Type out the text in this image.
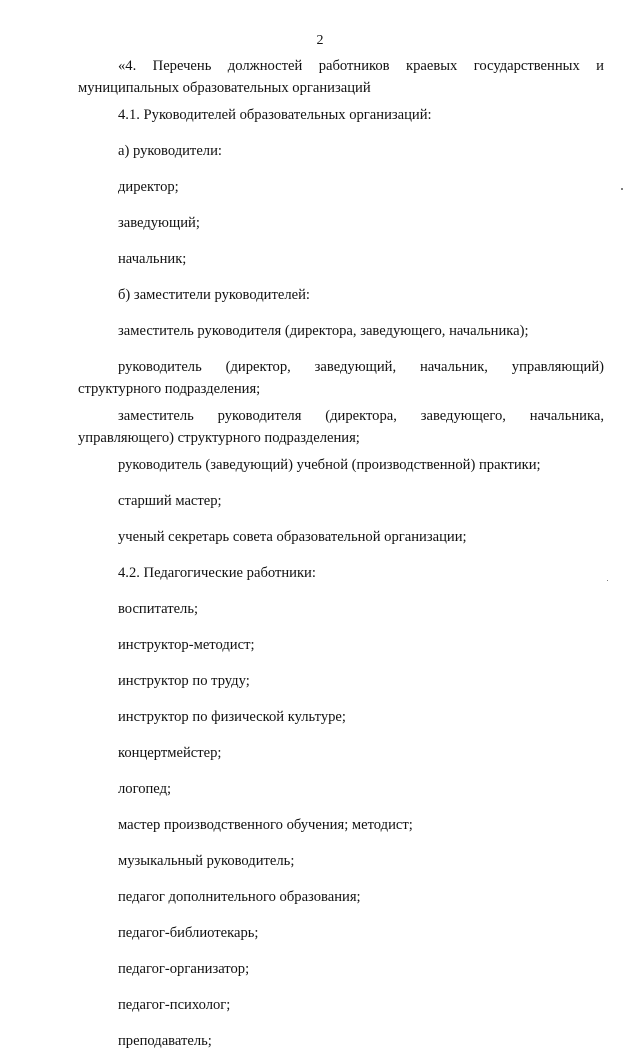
2

«4. Перечень должностей работников краевых государственных и муниципальных образовательных организаций

4.1. Руководителей образовательных организаций:

а) руководители:

директор;

заведующий;

начальник;

б) заместители руководителей:

заместитель руководителя (директора, заведующего, начальника);

руководитель (директор, заведующий, начальник, управляющий) структурного подразделения;

заместитель руководителя (директора, заведующего, начальника, управляющего) структурного подразделения;

руководитель (заведующий) учебной (производственной) практики;

старший мастер;

ученый секретарь совета образовательной организации;

4.2. Педагогические работники:

воспитатель;

инструктор-методист;

инструктор по труду;

инструктор по физической культуре;

концертмейстер;

логопед;

мастер производственного обучения; методист;

музыкальный руководитель;

педагог дополнительного образования;

педагог-библиотекарь;

педагог-организатор;

педагог-психолог;

преподаватель;
